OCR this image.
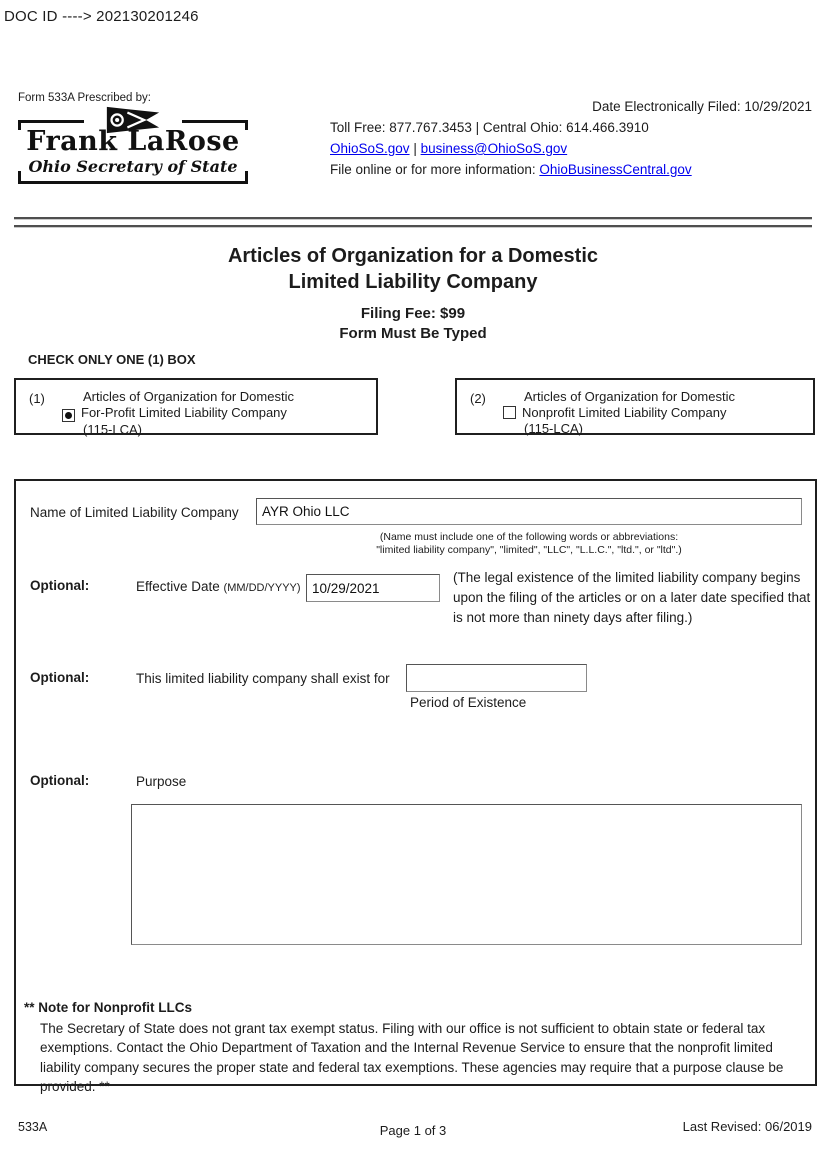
DOC ID ----> 202130201246
Form 533A Prescribed by:
Frank LaRose
Ohio Secretary of State
Date Electronically Filed: 10/29/2021
Toll Free: 877.767.3453 | Central Ohio: 614.466.3910
OhioSoS.gov | business@OhioSoS.gov
File online or for more information: OhioBusinessCentral.gov
Articles of Organization for a Domestic
Limited Liability Company
Filing Fee: $99
Form Must Be Typed
CHECK ONLY ONE (1) BOX
(1)	Articles of Organization for Domestic
For-Profit Limited Liability Company
(115-LCA)
(2)	Articles of Organization for Domestic
Nonprofit Limited Liability Company
(115-LCA)
Name of Limited Liability Company
AYR Ohio LLC
(Name must include one of the following words or abbreviations:
"limited liability company", "limited", "LLC", "L.L.C.", "ltd.", or "ltd".)
Optional:	Effective Date (MM/DD/YYYY)
10/29/2021
(The legal existence of the limited liability company begins upon the filing of the articles or on a later date specified that is not more than ninety days after filing.)
Optional:	This limited liability company shall exist for
Period of Existence
Optional:	Purpose
** Note for Nonprofit LLCs
The Secretary of State does not grant tax exempt status. Filing with our office is not sufficient to obtain state or federal tax exemptions. Contact the Ohio Department of Taxation and the Internal Revenue Service to ensure that the nonprofit limited liability company secures the proper state and federal tax exemptions. These agencies may require that a purpose clause be provided. **
533A	Page 1 of 3	Last Revised: 06/2019
